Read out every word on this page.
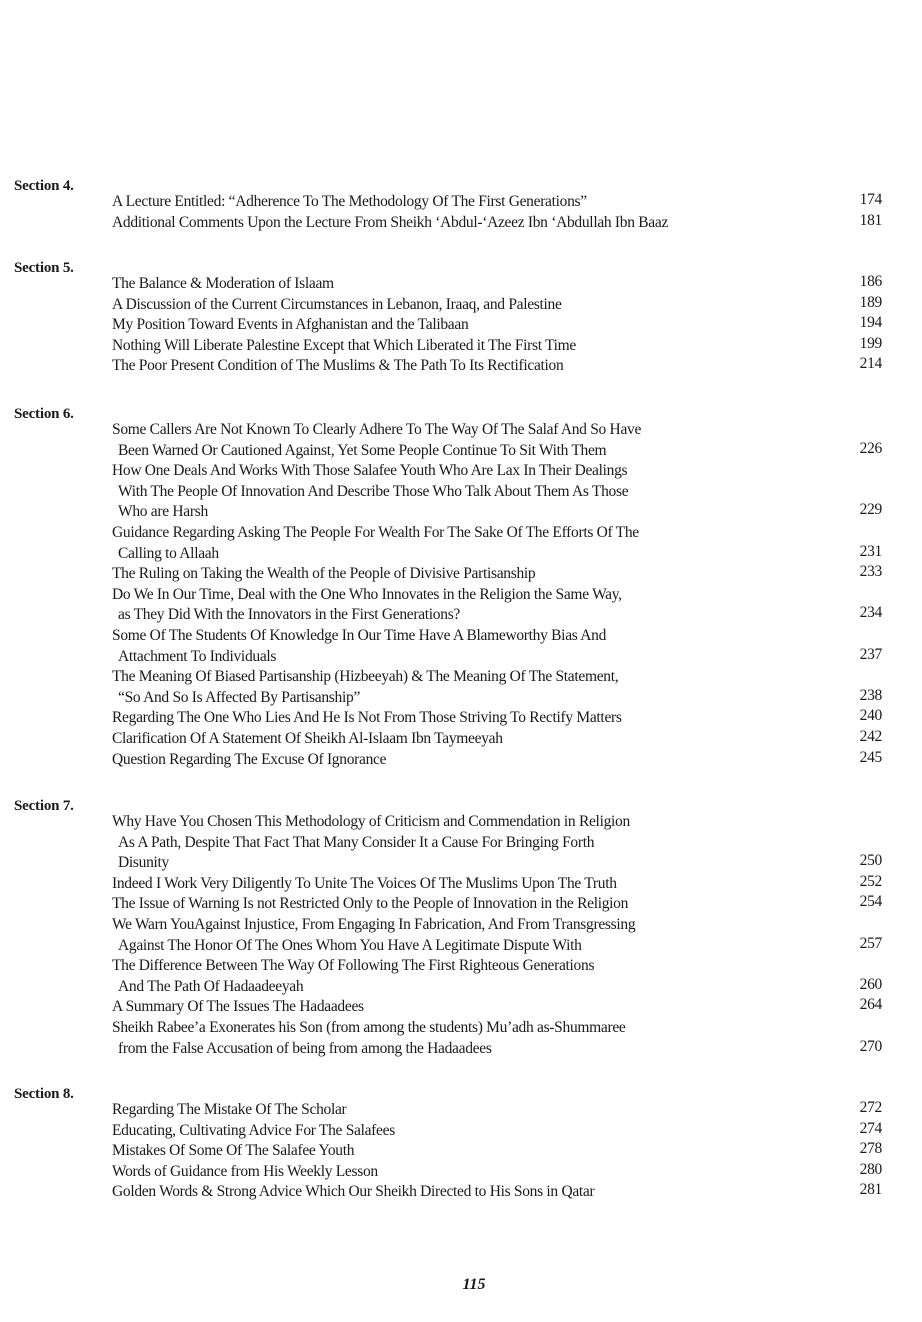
Section 4.
A Lecture Entitled: “Adherence To The Methodology Of The First Generations”	174
Additional Comments Upon the Lecture From Sheikh ‘Abdul-‘Azeez Ibn ‘Abdullah Ibn Baaz	181
Section 5.
The Balance & Moderation of Islaam	186
A Discussion of the Current Circumstances in Lebanon, Iraaq, and Palestine	189
My Position Toward Events in Afghanistan and the Talibaan	194
Nothing Will Liberate Palestine Except that Which Liberated it The First Time	199
The Poor Present Condition of The Muslims & The Path To Its Rectification	214
Section 6.
Some Callers Are Not Known To Clearly Adhere To The Way Of The Salaf And So Have
Been Warned Or Cautioned Against, Yet Some People Continue To Sit With Them	226
How One Deals And Works With Those Salafee Youth Who Are Lax In Their Dealings
With The People Of Innovation And Describe Those Who Talk About Them As Those
Who are Harsh	229
Guidance Regarding Asking The People For Wealth For The Sake Of The Efforts Of The
Calling to Allaah	231
The Ruling on Taking the Wealth of the People of Divisive Partisanship	233
Do We In Our Time, Deal with the One Who Innovates in the Religion the Same Way,
as They Did With the Innovators in the First Generations?	234
Some Of The Students Of Knowledge In Our Time Have A Blameworthy Bias And
Attachment To Individuals	237
The Meaning Of Biased Partisanship (Hizbeeyah) & The Meaning Of The Statement,
“So And So Is Affected By Partisanship”	238
Regarding The One Who Lies And He Is Not From Those Striving To Rectify Matters	240
Clarification Of A Statement Of Sheikh Al-Islaam Ibn Taymeeyah	242
Question Regarding The Excuse Of Ignorance	245
Section 7.
Why Have You Chosen This Methodology of Criticism and Commendation in Religion
As A Path, Despite That Fact That Many Consider It a Cause For Bringing Forth
Disunity	250
Indeed I Work Very Diligently To Unite The Voices Of The Muslims Upon The Truth	252
The Issue of Warning Is not Restricted Only to the People of Innovation in the Religion	254
We Warn YouAgainst Injustice, From Engaging In Fabrication, And From Transgressing
Against The Honor Of The Ones Whom You Have A Legitimate Dispute With	257
The Difference Between The Way Of Following The First Righteous Generations
And The Path Of Hadaadeeyah	260
A Summary Of The Issues The Hadaadees	264
Sheikh Rabee’a Exonerates his Son (from among the students) Mu’adh as-Shummaree
from the False Accusation of being from among the Hadaadees	270
Section 8.
Regarding The Mistake Of The Scholar	272
Educating, Cultivating Advice For The Salafees	274
Mistakes Of Some Of The Salafee Youth	278
Words of Guidance from His Weekly Lesson	280
Golden Words & Strong Advice Which Our Sheikh Directed to His Sons in Qatar	281
115
